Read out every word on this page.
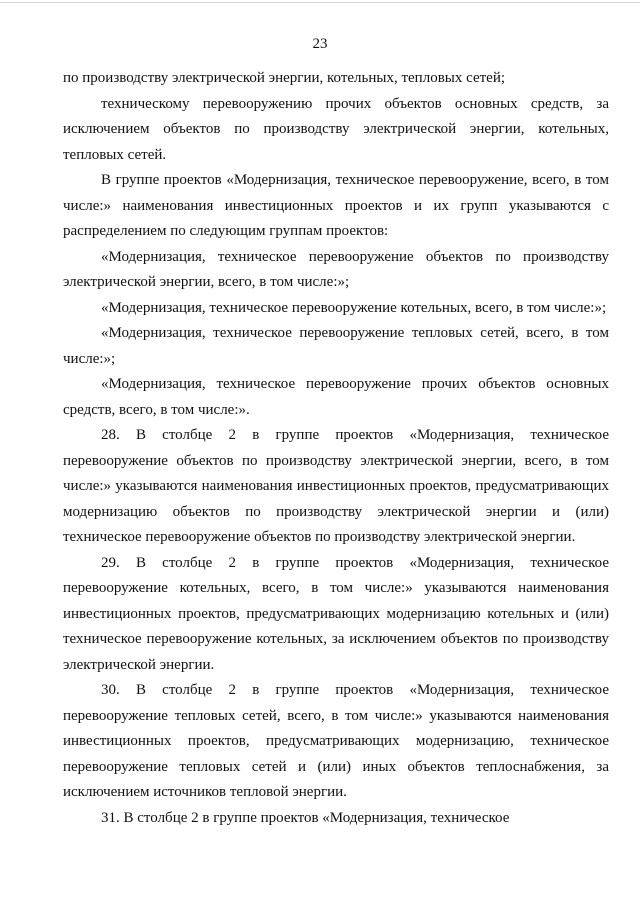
23

по производству электрической энергии, котельных, тепловых сетей;

техническому перевооружению прочих объектов основных средств, за исключением объектов по производству электрической энергии, котельных, тепловых сетей.

В группе проектов «Модернизация, техническое перевооружение, всего, в том числе:» наименования инвестиционных проектов и их групп указываются с распределением по следующим группам проектов:

«Модернизация, техническое перевооружение объектов по производству электрической энергии, всего, в том числе:»;

«Модернизация, техническое перевооружение котельных, всего, в том числе:»;

«Модернизация, техническое перевооружение тепловых сетей, всего, в том числе:»;

«Модернизация, техническое перевооружение прочих объектов основных средств, всего, в том числе:».

28. В столбце 2 в группе проектов «Модернизация, техническое перевооружение объектов по производству электрической энергии, всего, в том числе:» указываются наименования инвестиционных проектов, предусматривающих модернизацию объектов по производству электрической энергии и (или) техническое перевооружение объектов по производству электрической энергии.

29. В столбце 2 в группе проектов «Модернизация, техническое перевооружение котельных, всего, в том числе:» указываются наименования инвестиционных проектов, предусматривающих модернизацию котельных и (или) техническое перевооружение котельных, за исключением объектов по производству электрической энергии.

30. В столбце 2 в группе проектов «Модернизация, техническое перевооружение тепловых сетей, всего, в том числе:» указываются наименования инвестиционных проектов, предусматривающих модернизацию, техническое перевооружение тепловых сетей и (или) иных объектов теплоснабжения, за исключением источников тепловой энергии.

31. В столбце 2 в группе проектов «Модернизация, техническое
